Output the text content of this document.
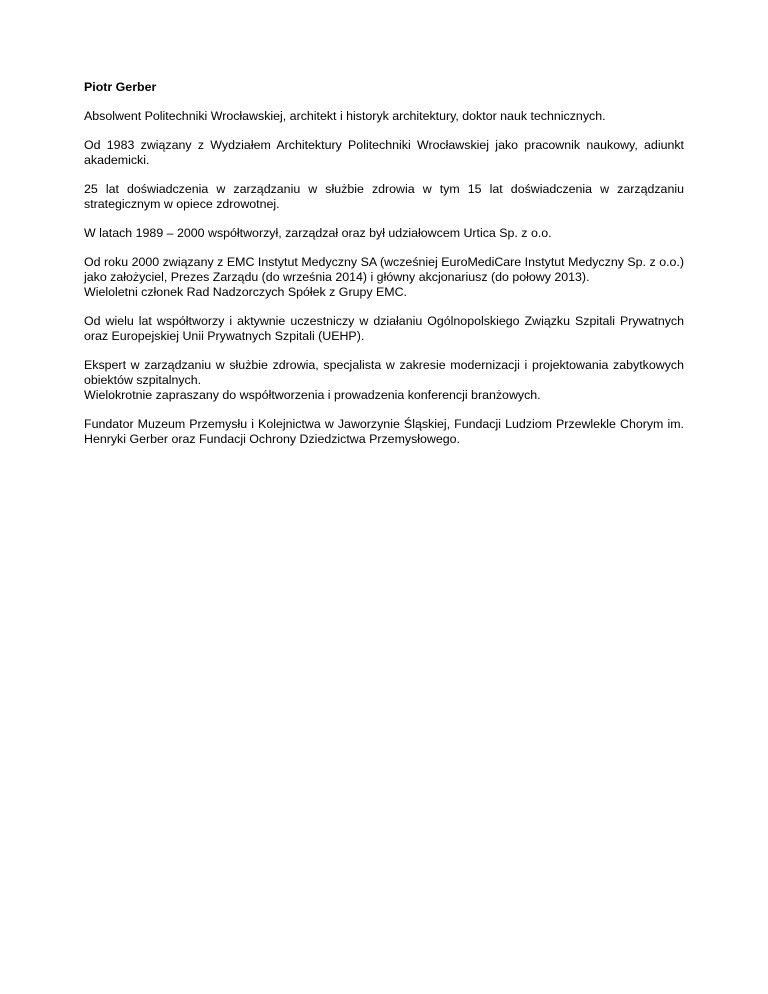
Piotr Gerber

Absolwent Politechniki Wrocławskiej, architekt i historyk architektury, doktor nauk technicznych.

Od 1983 związany z Wydziałem Architektury Politechniki Wrocławskiej jako pracownik naukowy, adiunkt akademicki.

25 lat doświadczenia w zarządzaniu w służbie zdrowia w tym 15 lat doświadczenia w zarządzaniu strategicznym w opiece zdrowotnej.

W latach 1989 – 2000 współtworzył, zarządzał oraz był udziałowcem Urtica Sp. z o.o.

Od roku 2000 związany z EMC Instytut Medyczny SA (wcześniej EuroMediCare Instytut Medyczny Sp. z o.o.) jako założyciel, Prezes Zarządu (do września 2014) i główny akcjonariusz (do połowy 2013).
Wieloletni członek Rad Nadzorczych Spółek z Grupy EMC.

Od wielu lat współtworzy i aktywnie uczestniczy w działaniu Ogólnopolskiego Związku Szpitali Prywatnych oraz Europejskiej Unii Prywatnych Szpitali (UEHP).

Ekspert w zarządzaniu w służbie zdrowia, specjalista w zakresie modernizacji i projektowania zabytkowych obiektów szpitalnych.
Wielokrotnie zapraszany do współtworzenia i prowadzenia konferencji branżowych.

Fundator Muzeum Przemysłu i Kolejnictwa w Jaworzynie Śląskiej, Fundacji Ludziom Przewlekle Chorym im. Henryki Gerber oraz Fundacji Ochrony Dziedzictwa Przemysłowego.
